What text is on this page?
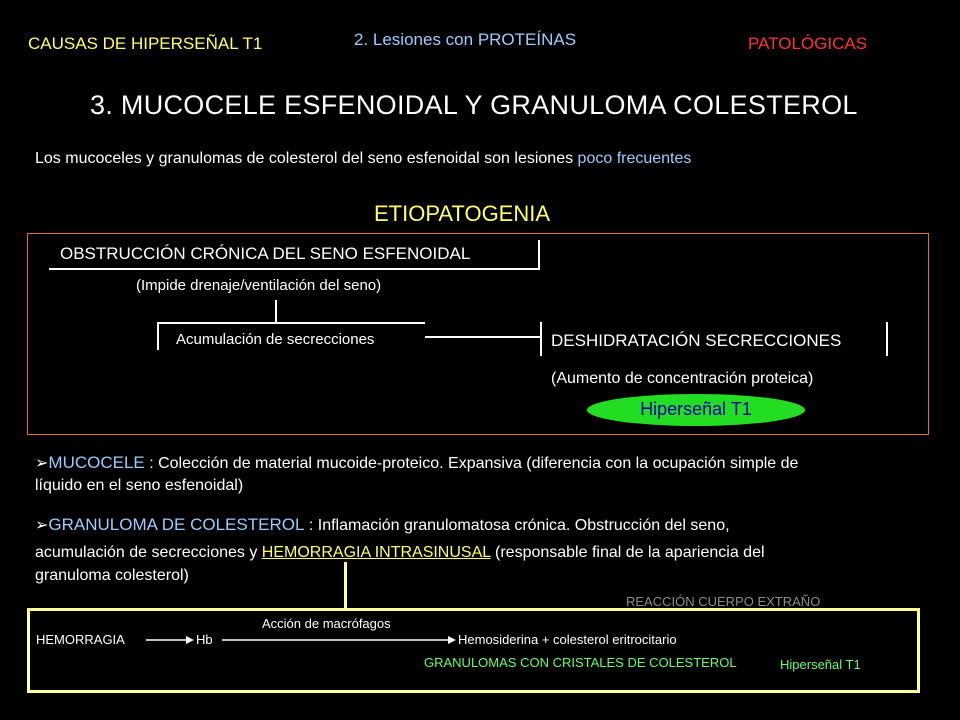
CAUSAS DE HIPERSEÑAL T1	2. Lesiones con PROTEÍNAS	PATOLÓGICAS
3. MUCOCELE ESFENOIDAL Y GRANULOMA COLESTEROL
Los mucoceles y granulomas de colesterol del seno esfenoidal son lesiones poco frecuentes
ETIOPATOGENIA
OBSTRUCCIÓN CRÓNICA DEL SENO ESFENOIDAL
(Impide drenaje/ventilación del seno)
Acumulación de secrecciones	DESHIDRATACIÓN SECRECCIONES
(Aumento de concentración proteica)
Hiperseñal T1
➢MUCOCELE : Colección de material mucoide-proteico. Expansiva (diferencia con la ocupación simple de
líquido en el seno esfenoidal)
➢GRANULOMA DE COLESTEROL : Inflamación granulomatosa crónica. Obstrucción del seno,
acumulación de secrecciones y HEMORRAGIA INTRASINUSAL (responsable final de la apariencia del
granuloma colesterol)
REACCIÓN CUERPO EXTRAÑO
Acción de macrófagos
HEMORRAGIA	Hb	Hemosiderina + colesterol eritrocitario
GRANULOMAS CON CRISTALES DE COLESTEROL	Hiperseñal T1
